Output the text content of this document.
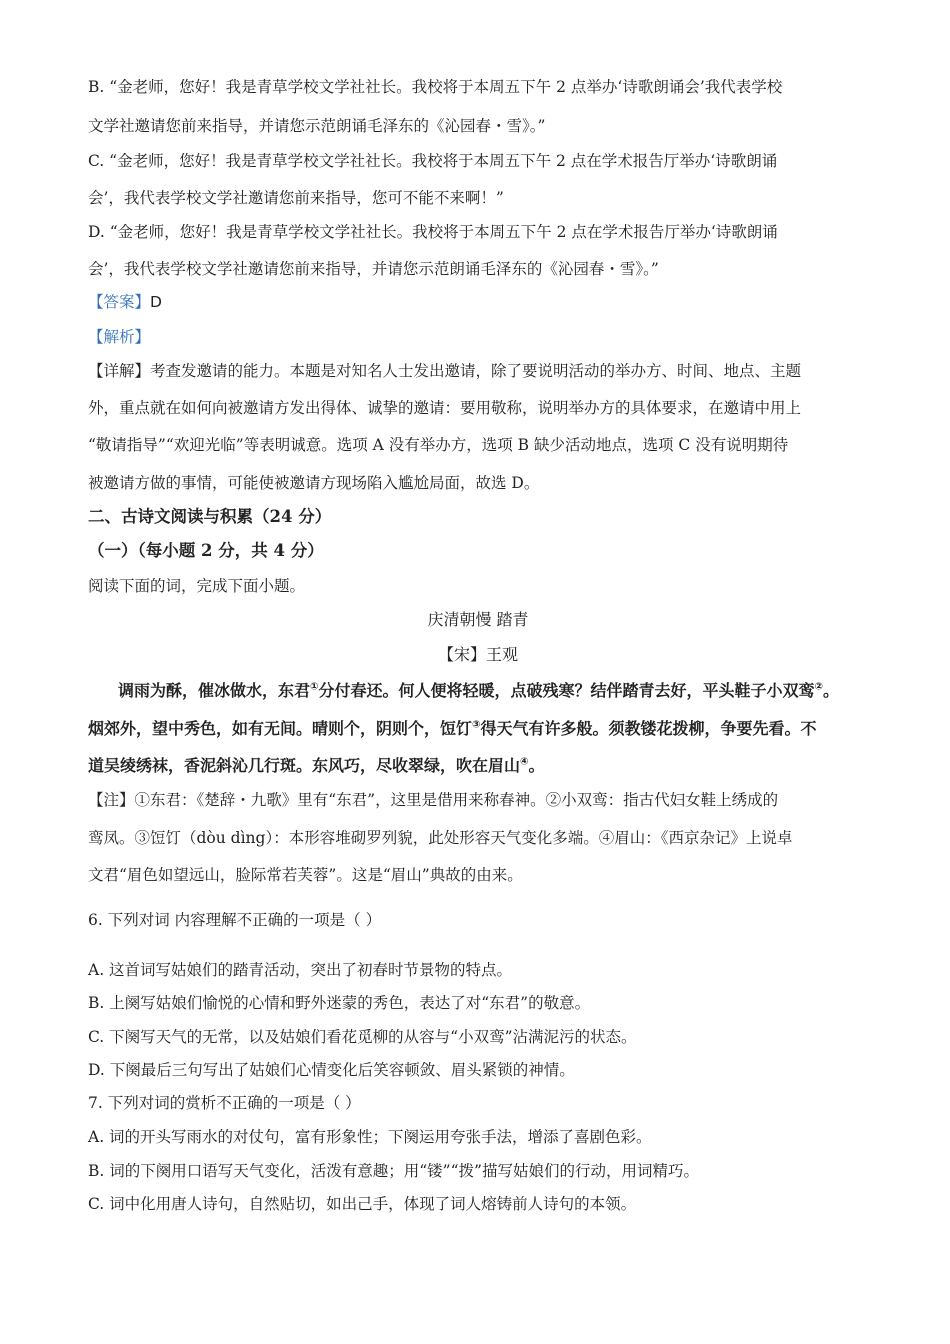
B. “金老师，您好！我是青草学校文学社社长。我校将于本周五下午 2 点举办‘诗歌朗诵会’我代表学校
文学社邀请您前来指导，并请您示范朗诵毛泽东的《沁园春・雪》。”
C. “金老师，您好！我是青草学校文学社社长。我校将于本周五下午 2 点在学术报告厅举办‘诗歌朗诵
会’，我代表学校文学社邀请您前来指导，您可不能不来啊！”
D. “金老师，您好！我是青草学校文学社社长。我校将于本周五下午 2 点在学术报告厅举办‘诗歌朗诵
会’，我代表学校文学社邀请您前来指导，并请您示范朗诵毛泽东的《沁园春・雪》。”
【答案】D
【解析】
【详解】考查发邀请的能力。本题是对知名人士发出邀请，除了要说明活动的举办方、时间、地点、主题
外，重点就在如何向被邀请方发出得体、诚挚的邀请：要用敬称，说明举办方的具体要求，在邀请中用上
“敬请指导”“欢迎光临”等表明诚意。选项 A 没有举办方，选项 B 缺少活动地点，选项 C 没有说明期待
被邀请方做的事情，可能使被邀请方现场陷入尴尬局面，故选 D。
二、古诗文阅读与积累（24 分）
（一）（每小题 2 分，共 4 分）
阅读下面的词，完成下面小题。
庆清朝慢 踏青
【宋】王观
调雨为酥，催冰做水，东君①分付春还。何人便将轻暖，点破残寒？结伴踏青去好，平头鞋子小双鸾②。
烟郊外，望中秀色，如有无间。晴则个，阴则个，饾饤③得天气有许多般。须教镂花拨柳，争要先看。不
道吴绫绣袜，香泥斜沁几行斑。东风巧，尽收翠绿，吹在眉山④。
【注】①东君：《楚辞・九歌》里有“东君”，这里是借用来称春神。②小双鸾：指古代妇女鞋上绣成的
鸾凤。③饾饤（dòu dìng）：本形容堆砌罗列貌，此处形容天气变化多端。④眉山：《西京杂记》上说卓
文君“眉色如望远山，脸际常若芙蓉”。这是“眉山”典故的由来。
6. 下列对词 内容理解不正确的一项是（ ）
A. 这首词写姑娘们的踏青活动，突出了初春时节景物的特点。
B. 上阕写姑娘们愉悦的心情和野外迷蒙的秀色，表达了对“东君”的敬意。
C. 下阕写天气的无常，以及姑娘们看花觅柳的从容与“小双鸾”沾满泥污的状态。
D. 下阕最后三句写出了姑娘们心情变化后笑容顿敛、眉头紧锁的神情。
7. 下列对词的赏析不正确的一项是（ ）
A. 词的开头写雨水的对仗句，富有形象性；下阕运用夸张手法，增添了喜剧色彩。
B. 词的下阕用口语写天气变化，活泼有意趣；用“镂”“拨”描写姑娘们的行动，用词精巧。
C. 词中化用唐人诗句，自然贴切，如出己手，体现了词人熔铸前人诗句的本领。
